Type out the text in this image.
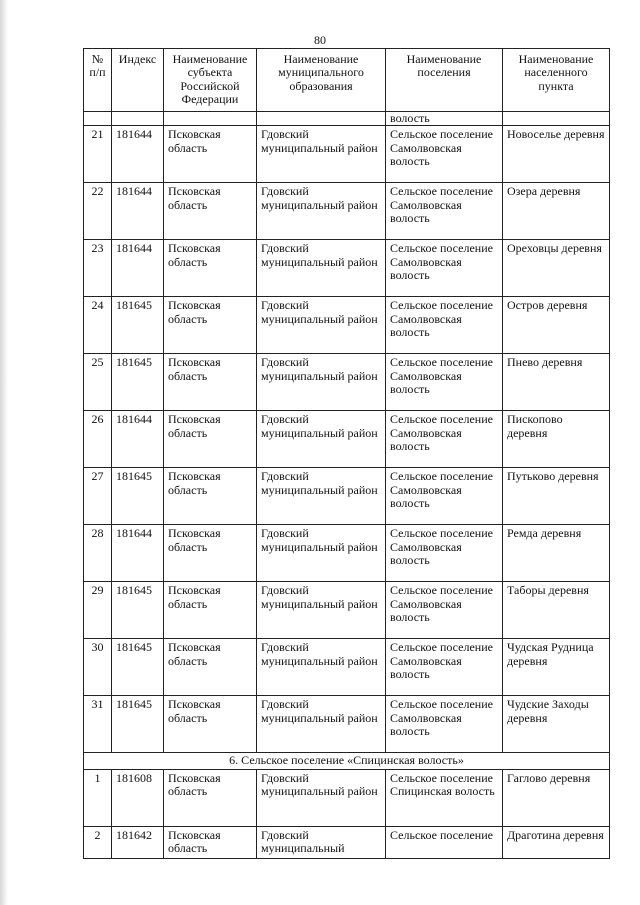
80
№ п/п	Индекс	Наименование субъекта Российской Федерации	Наименование муниципального образования	Наименование поселения	Наименование населенного пункта
				волость	
21	181644	Псковская область	Гдовский муниципальный район	Сельское поселение Самолвовская волость	Новоселье деревня
22	181644	Псковская область	Гдовский муниципальный район	Сельское поселение Самолвовская волость	Озера деревня
23	181644	Псковская область	Гдовский муниципальный район	Сельское поселение Самолвовская волость	Ореховцы деревня
24	181645	Псковская область	Гдовский муниципальный район	Сельское поселение Самолвовская волость	Остров деревня
25	181645	Псковская область	Гдовский муниципальный район	Сельское поселение Самолвовская волость	Пнево деревня
26	181644	Псковская область	Гдовский муниципальный район	Сельское поселение Самолвовская волость	Пископово деревня
27	181645	Псковская область	Гдовский муниципальный район	Сельское поселение Самолвовская волость	Путьково деревня
28	181644	Псковская область	Гдовский муниципальный район	Сельское поселение Самолвовская волость	Ремда деревня
29	181645	Псковская область	Гдовский муниципальный район	Сельское поселение Самолвовская волость	Таборы деревня
30	181645	Псковская область	Гдовский муниципальный район	Сельское поселение Самолвовская волость	Чудская Рудница деревня
31	181645	Псковская область	Гдовский муниципальный район	Сельское поселение Самолвовская волость	Чудские Заходы деревня
6. Сельское поселение «Спицинская волость»					
1	181608	Псковская область	Гдовский муниципальный район	Сельское поселение Спицинская волость	Гаглово деревня
2	181642	Псковская область	Гдовский муниципальный	Сельское поселение	Драготина деревня
